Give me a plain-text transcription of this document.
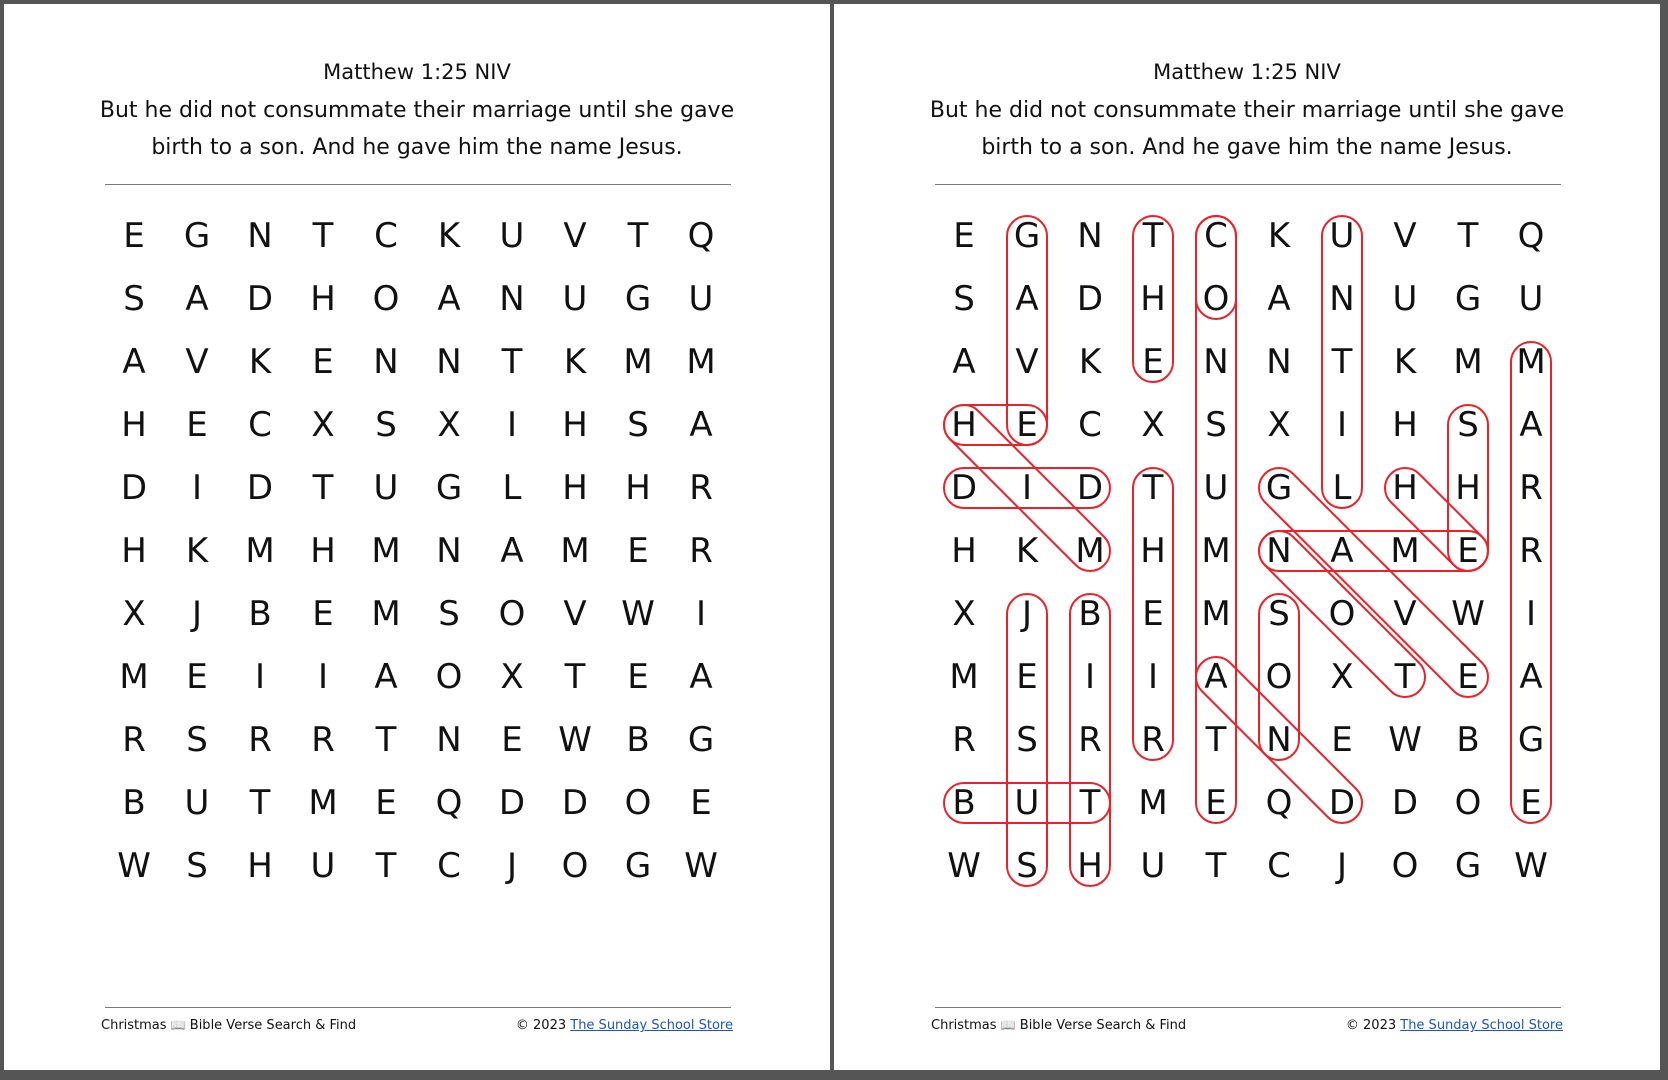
Matthew 1:25 NIV
But he did not consummate their marriage until she gave
birth to a son. And he gave him the name Jesus.
E G N T C K U V T Q
S A D H O A N U G U
A V K E N N T K M M
H E C X S X I H S A
D I D T U G L H H R
H K M H M N A M E R
X J B E M S O V W I
M E I I A O X T E A
R S R R T N E W B G
B U T M E Q D D O E
W S H U T C J O G W
Christmas 📖 Bible Verse Search & Find	© 2023 The Sunday School Store
Matthew 1:25 NIV
But he did not consummate their marriage until she gave
birth to a son. And he gave him the name Jesus.
E G N T C K U V T Q
S A D H O A N U G U
A V K E N N T K M M
H E C X S X I H S A
D I D T U G L H H R
H K M H M N A M E R
X J B E M S O V W I
M E I I A O X T E A
R S R R T N E W B G
B U T M E Q D D O E
W S H U T C J O G W
Christmas 📖 Bible Verse Search & Find	© 2023 The Sunday School Store
